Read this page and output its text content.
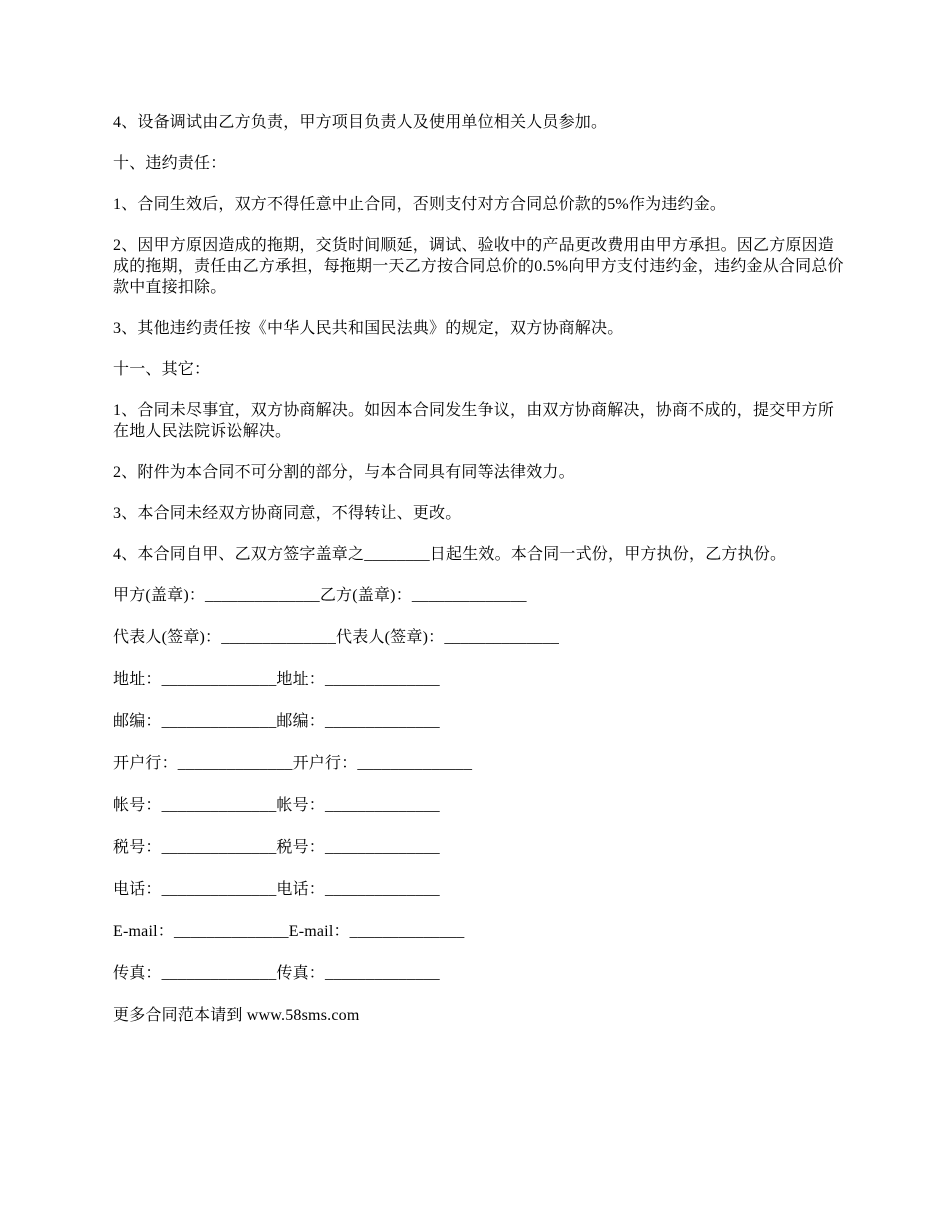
4、设备调试由乙方负责，甲方项目负责人及使用单位相关人员参加。

十、违约责任：

1、合同生效后，双方不得任意中止合同，否则支付对方合同总价款的5%作为违约金。

2、因甲方原因造成的拖期，交货时间顺延，调试、验收中的产品更改费用由甲方承担。因乙方原因造成的拖期，责任由乙方承担，每拖期一天乙方按合同总价的0.5%向甲方支付违约金，违约金从合同总价款中直接扣除。

3、其他违约责任按《中华人民共和国民法典》的规定，双方协商解决。

十一、其它：

1、合同未尽事宜，双方协商解决。如因本合同发生争议，由双方协商解决，协商不成的，提交甲方所在地人民法院诉讼解决。

2、附件为本合同不可分割的部分，与本合同具有同等法律效力。

3、本合同未经双方协商同意，不得转让、更改。

4、本合同自甲、乙双方签字盖章之________日起生效。本合同一式份，甲方执份，乙方执份。

甲方(盖章)：______________乙方(盖章)：______________

代表人(签章)：______________代表人(签章)：______________

地址：______________地址：______________

邮编：______________邮编：______________

开户行：______________开户行：______________

帐号：______________帐号：______________

税号：______________税号：______________

电话：______________电话：______________

E-mail：______________E-mail：______________

传真：______________传真：______________

更多合同范本请到 www.58sms.com
